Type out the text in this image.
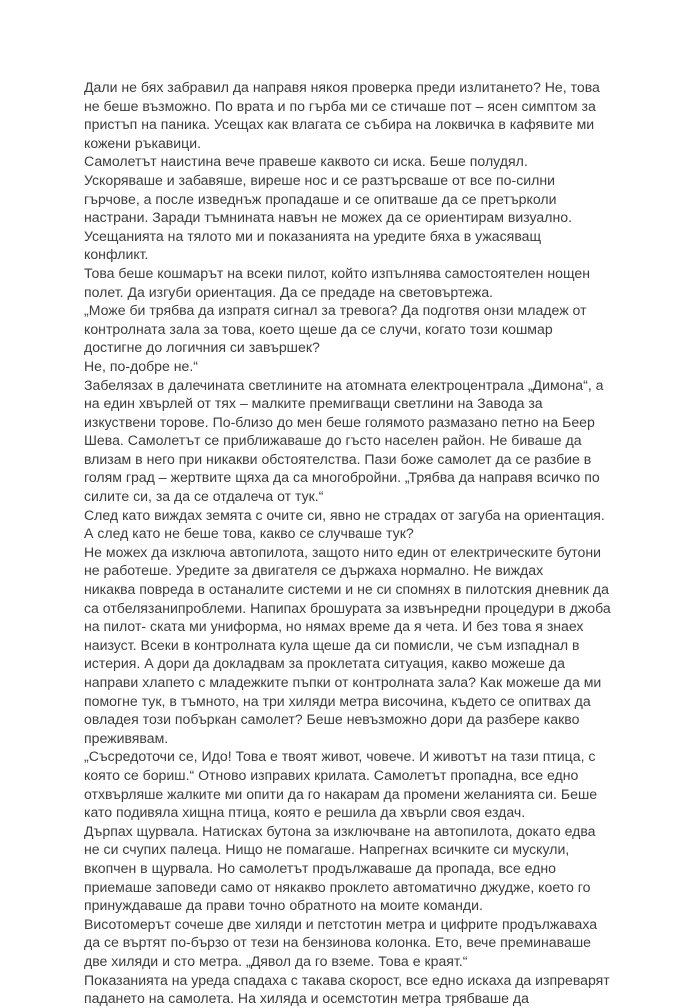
Дали не бях забравил да направя някоя проверка преди излитането? Не, това
не беше възможно. По врата и по гърба ми се стичаше пот – ясен симптом за
пристъп на паника. Усещах как влагата се събира на локвичка в кафявите ми
кожени ръкавици.
Самолетът наистина вече правеше каквото си иска. Беше полудял.
Ускоряваше и забавяше, виреше нос и се разтърсваше от все по-силни
гърчове, а после изведнъж пропадаше и се опитваше да се претърколи
настрани. Заради тъмнината навън не можех да се ориентирам визуално.
Усещанията на тялото ми и показанията на уредите бяха в ужасяващ
конфликт.
Това беше кошмарът на всеки пилот, който изпълнява самостоятелен нощен
полет. Да изгуби ориентация. Да се предаде на световъртежа.
„Може би трябва да изпратя сигнал за тревога? Да подготвя онзи младеж от
контролната зала за това, което щеше да се случи, когато този кошмар
достигне до логичния си завършек?
Не, по-добре не.“
Забелязах в далечината светлините на атомната електроцентрала „Димона“, а
на един хвърлей от тях – малките премигващи светлини на Завода за
изкуствени торове. По-близо до мен беше голямото размазано петно на Беер
Шева. Самолетът се приближаваше до гъсто населен район. Не биваше да
влизам в него при никакви обстоятелства. Пази боже самолет да се разбие в
голям град – жертвите щяха да са многобройни. „Трябва да направя всичко по
силите си, за да се отдалеча от тук.“
След като виждах земята с очите си, явно не страдах от загуба на ориентация.
А след като не беше това, какво се случваше тук?
Не можех да изключа автопилота, защото нито един от електрическите бутони
не работеше. Уредите за двигателя се държаха нормално. Не виждах
никаква повреда в останалите системи и не си спомнях в пилотския дневник да
са отбелязанипроблеми. Напипах брошурата за извънредни процедури в джоба
на пилот- ската ми униформа, но нямах време да я чета. И без това я знаех
наизуст. Всеки в контролната кула щеше да си помисли, че съм изпаднал в
истерия. А дори да докладвам за проклетата ситуация, какво можеше да
направи хлапето с младежките пъпки от контролната зала? Как можеше да ми
помогне тук, в тъмното, на три хиляди метра височина, където се опитвах да
овладея този побъркан самолет? Беше невъзможно дори да разбере какво
преживявам.
„Съсредоточи се, Идо! Това е твоят живот, човече. И животът на тази птица, с
която се бориш.“ Отново изправих крилата. Самолетът пропадна, все едно
отхвърляше жалките ми опити да го накарам да промени желанията си. Беше
като подивяла хищна птица, която е решила да хвърли своя ездач.
Дърпах щурвала. Натисках бутона за изключване на автопилота, докато едва
не си счупих палеца. Нищо не помагаше. Напрегнах всичките си мускули,
вкопчен в щурвала. Но самолетът продължаваше да пропада, все едно
приемаше заповеди само от някакво проклето автоматично джудже, което го
принуждаваше да прави точно обратното на моите команди.
Висотомерът сочеше две хиляди и петстотин метра и цифрите продължаваха
да се въртят по-бързо от тези на бензинова колонка. Ето, вече преминаваше
две хиляди и сто метра. „Дявол да го вземе. Това е краят.“
Показанията на уреда спадаха с такава скорост, все едно искаха да изпреварят
падането на самолета. На хиляда и осемстотин метра трябваше да
